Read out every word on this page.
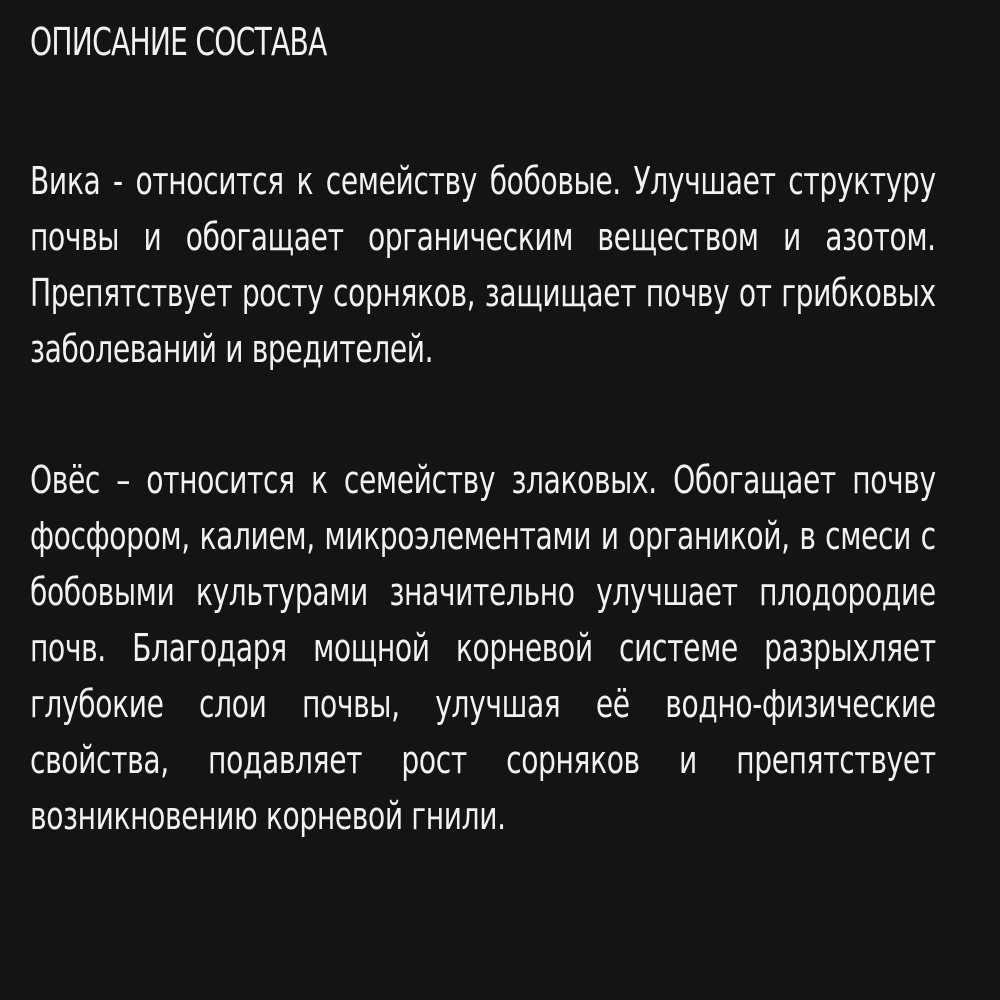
ОПИСАНИЕ СОСТАВА

Вика - относится к семейству бобовые. Улучшает структуру почвы и обогащает органическим веществом и азотом. Препятствует росту сорняков, защищает почву от грибковых заболеваний и вредителей.

Овёс – относится к семейству злаковых. Обогащает почву фосфором, калием, микроэлементами и органикой, в смеси с бобовыми культурами значительно улучшает плодородие почв. Благодаря мощной корневой системе разрыхляет глубокие слои почвы, улучшая её водно-физические свойства, подавляет рост сорняков и препятствует возникновению корневой гнили.
